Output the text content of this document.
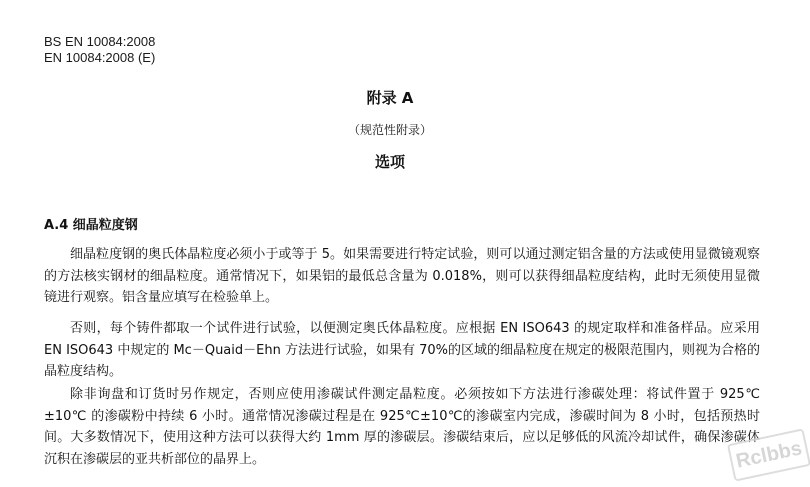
BS EN 10084:2008
EN 10084:2008 (E)
附录 A
（规范性附录）
选项
A.4 细晶粒度钢

细晶粒度钢的奥氏体晶粒度必须小于或等于 5。如果需要进行特定试验，则可以通过测定铝含量的方法或使用显微镜观察的方法核实钢材的细晶粒度。通常情况下，如果铝的最低总含量为 0.018%，则可以获得细晶粒度结构，此时无须使用显微镜进行观察。铝含量应填写在检验单上。

否则，每个铸件都取一个试件进行试验，以便测定奥氏体晶粒度。应根据 EN ISO643 的规定取样和准备样品。应采用 EN ISO643 中规定的 Mc－Quaid－Ehn 方法进行试验，如果有 70%的区域的细晶粒度在规定的极限范围内，则视为合格的晶粒度结构。

除非询盘和订货时另作规定，否则应使用渗碳试件测定晶粒度。必须按如下方法进行渗碳处理：将试件置于 925℃±10℃ 的渗碳粉中持续 6 小时。通常情况渗碳过程是在 925℃±10℃的渗碳室内完成，渗碳时间为 8 小时，包括预热时间。大多数情况下，使用这种方法可以获得大约 1mm 厚的渗碳层。渗碳结束后，应以足够低的风流冷却试件，确保渗碳体沉积在渗碳层的亚共析部位的晶界上。	Rclbbs
